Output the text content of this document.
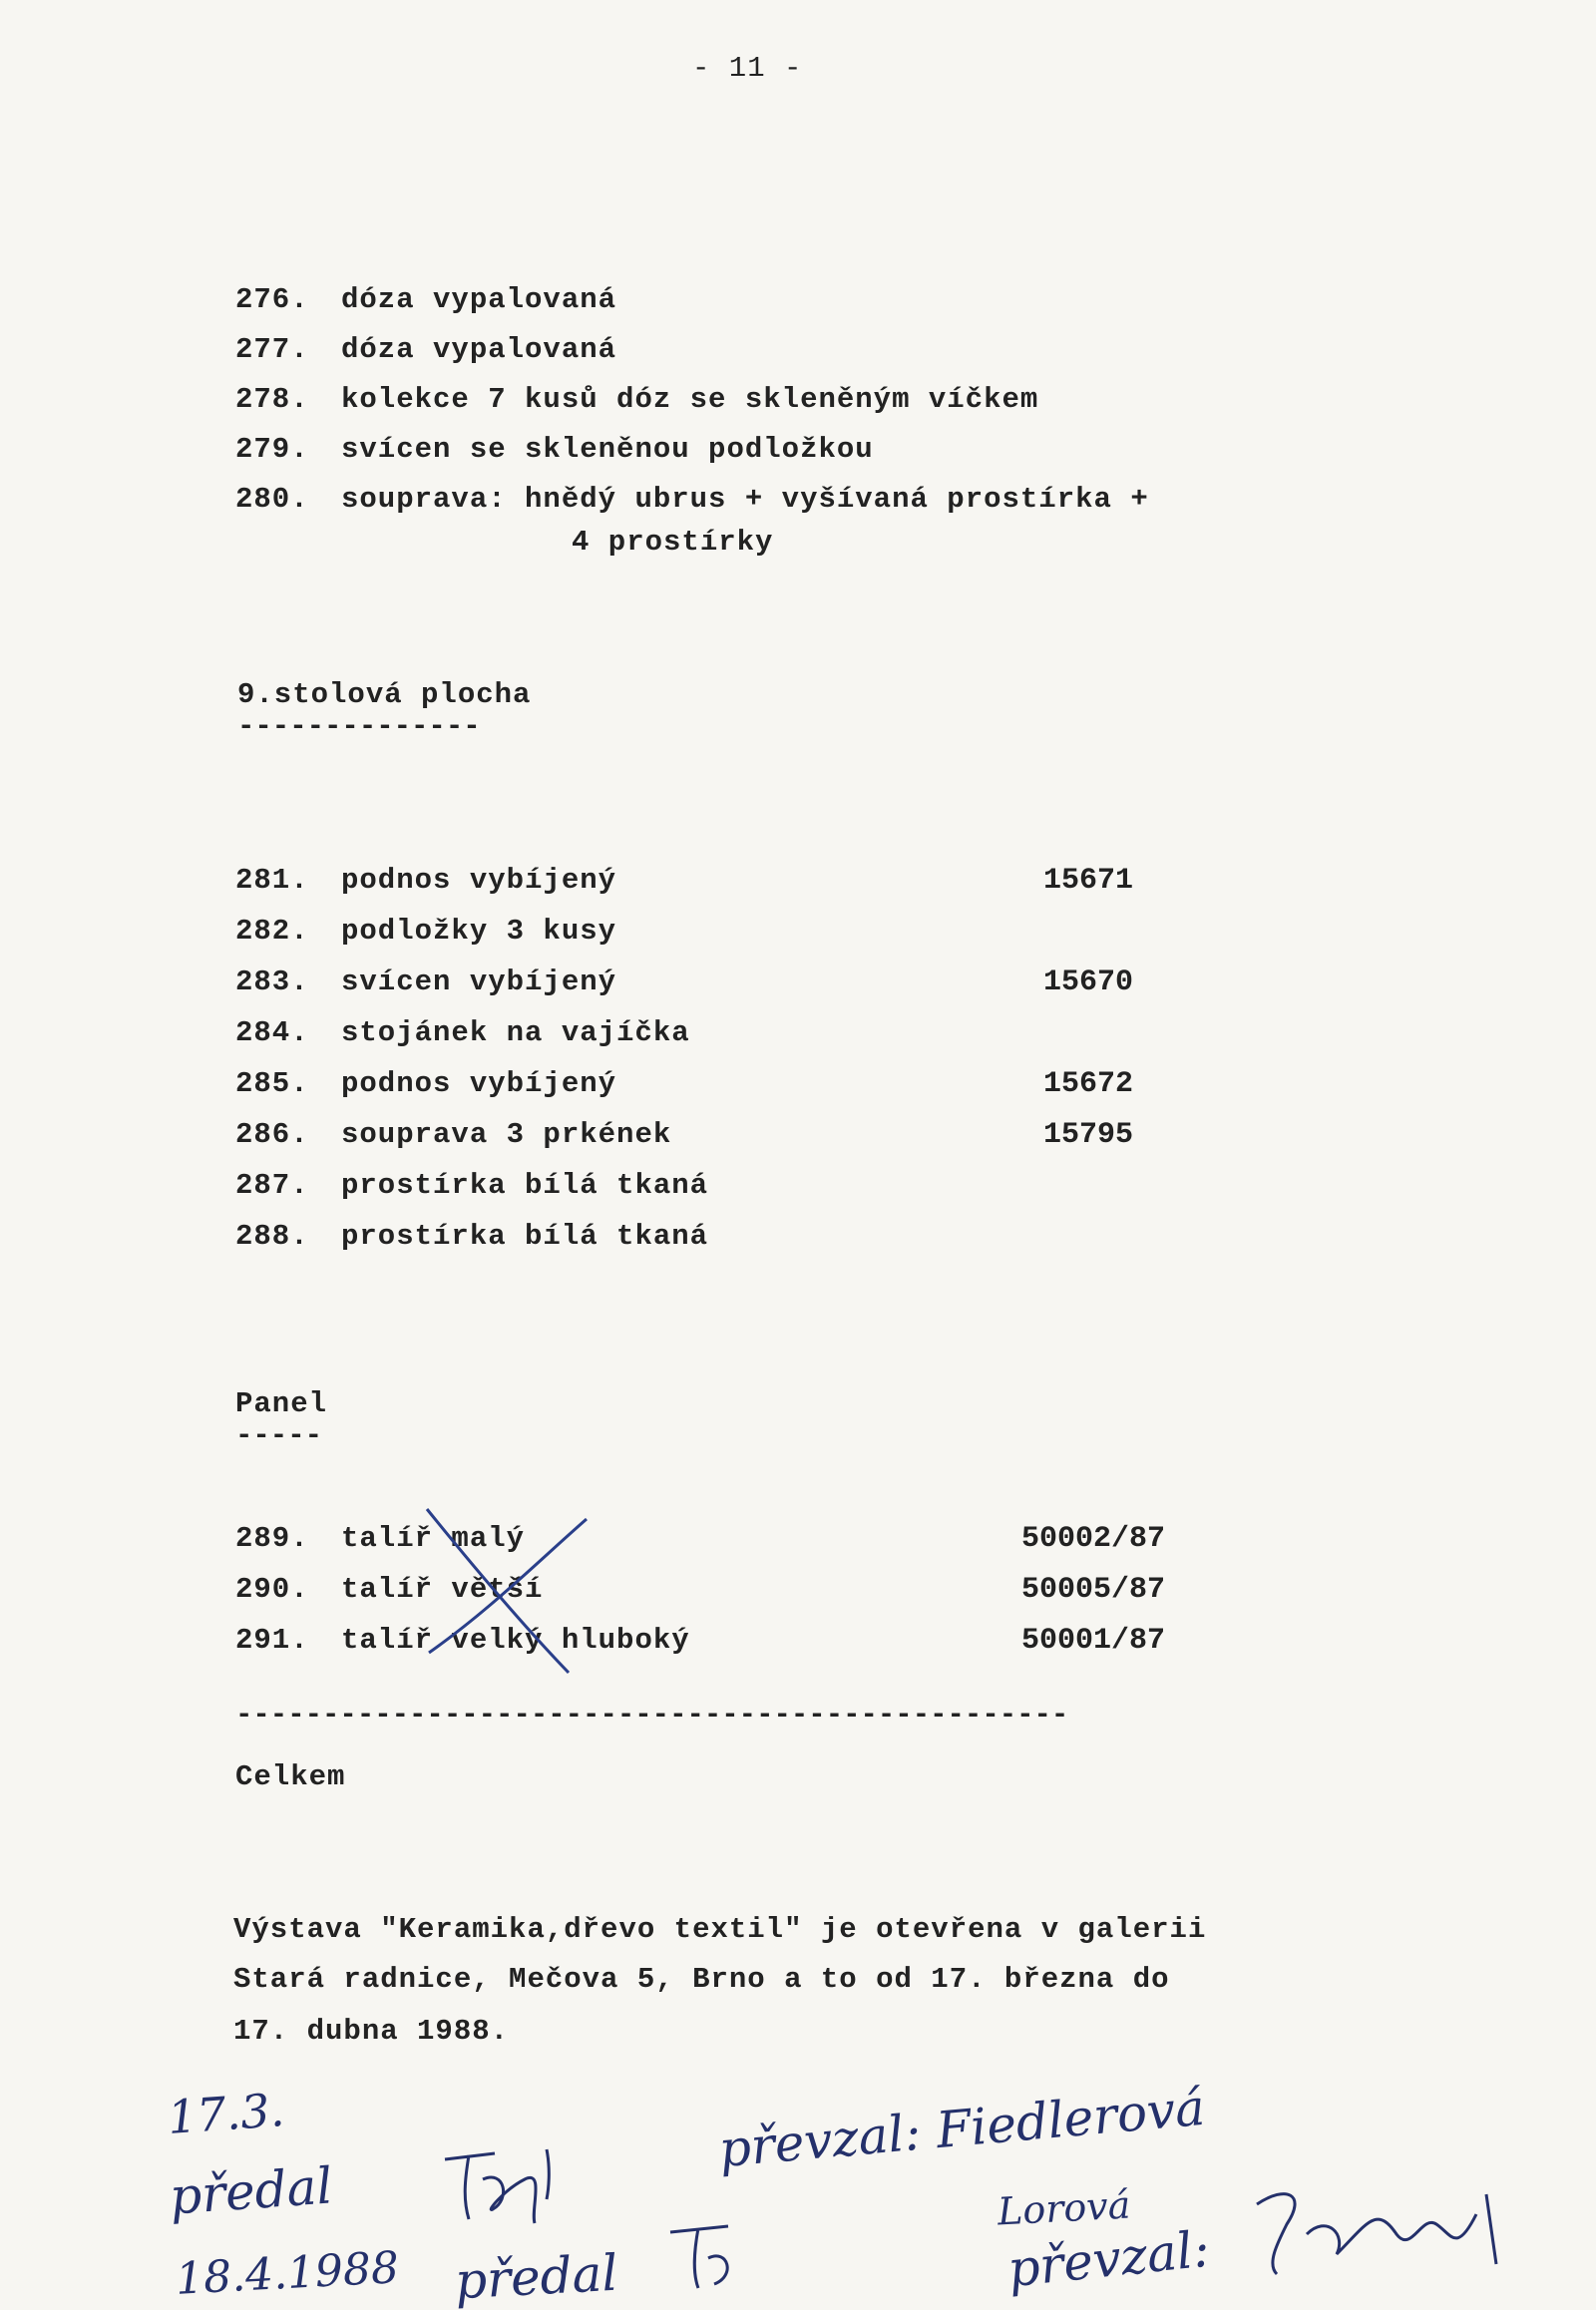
- 11 -
276. dóza vypalovaná
277. dóza vypalovaná
278. kolekce 7 kusů dóz se skleněným víčkem
279. svícen se skleněnou podložkou
280. souprava: hnědý ubrus + vyšívaná prostírka +
4 prostírky
9.stolová plocha
--------------
281. podnos vybíjený	15671
282. podložky 3 kusy
283. svícen vybíjený	15670
284. stojánek na vajíčka
285. podnos vybíjený	15672
286. souprava 3 prkének	15795
287. prostírka bílá tkaná
288. prostírka bílá tkaná
Panel
-----
289. talíř malý	50002/87
290. talíř větší	50005/87
291. talíř velký hluboký	50001/87
------------------------------------------------
Celkem
Výstava "Keramika,dřevo textil" je otevřena v galerii
Stará radnice, Mečova 5, Brno a to od 17. března do
17. dubna 1988.
17.3.
předal
převzal: Fiedlerová
Lorová
18.4.1988 předal	převzal:
